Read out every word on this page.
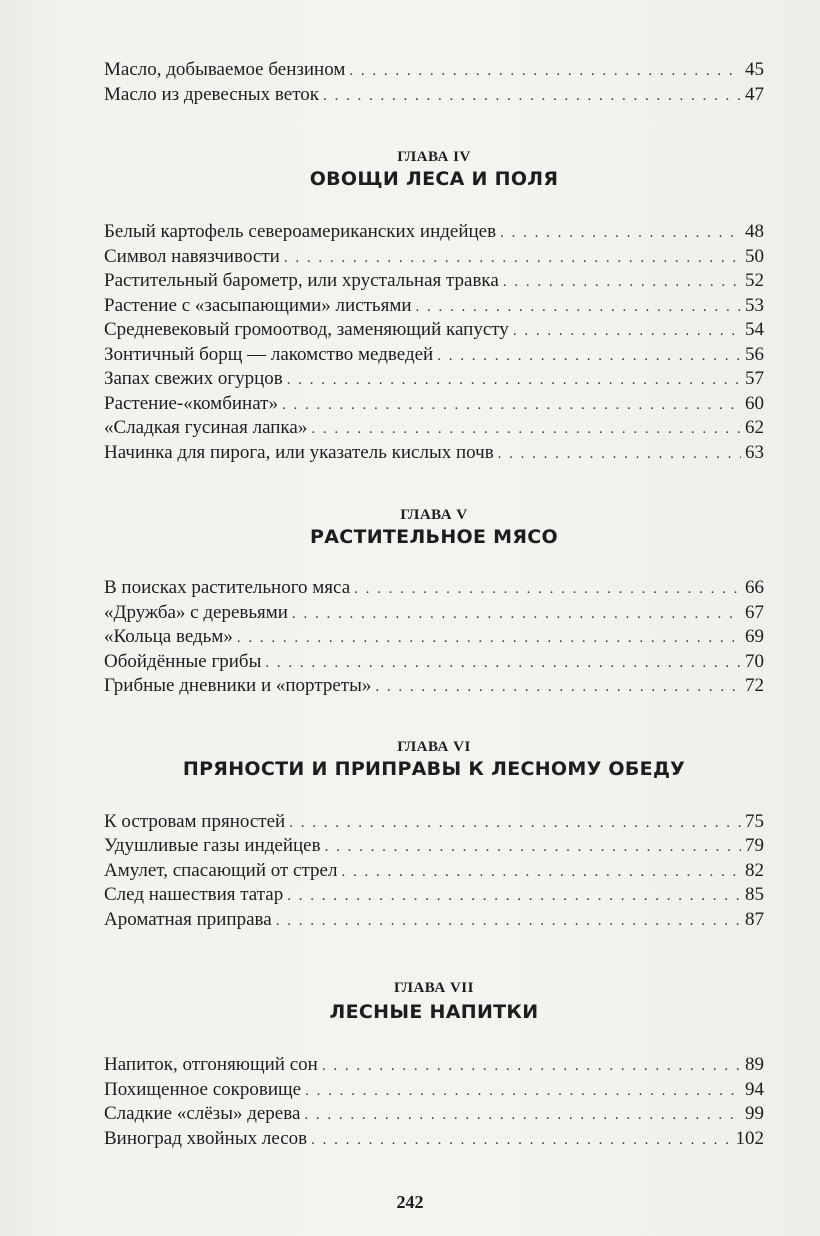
Масло, добываемое бензином . . .	45
Масло из древесных веток . . .	47
ГЛАВА IV
ОВОЩИ ЛЕСА И ПОЛЯ
Белый картофель североамериканских индейцев . . .	48
Символ навязчивости . . .	50
Растительный барометр, или хрустальная травка . . .	52
Растение с «засыпающими» листьями . . .	53
Средневековый громоотвод, заменяющий капусту . . .	54
Зонтичный борщ — лакомство медведей . . .	56
Запах свежих огурцов . . .	57
Растение-«комбинат» . . .	60
«Сладкая гусиная лапка» . . .	62
Начинка для пирога, или указатель кислых почв . . .	63
ГЛАВА V
РАСТИТЕЛЬНОЕ МЯСО
В поисках растительного мяса . . .	66
«Дружба» с деревьями . . .	67
«Кольца ведьм» . . .	69
Обойдённые грибы . . .	70
Грибные дневники и «портреты» . . .	72
ГЛАВА VI
ПРЯНОСТИ И ПРИПРАВЫ К ЛЕСНОМУ ОБЕДУ
К островам пряностей . . .	75
Удушливые газы индейцев . . .	79
Амулет, спасающий от стрел . . .	82
След нашествия татар . . .	85
Ароматная приправа . . .	87
ГЛАВА VII
ЛЕСНЫЕ НАПИТКИ
Напиток, отгоняющий сон . . .	89
Похищенное сокровище . . .	94
Сладкие «слёзы» дерева . . .	99
Виноград хвойных лесов . . .	102
242
